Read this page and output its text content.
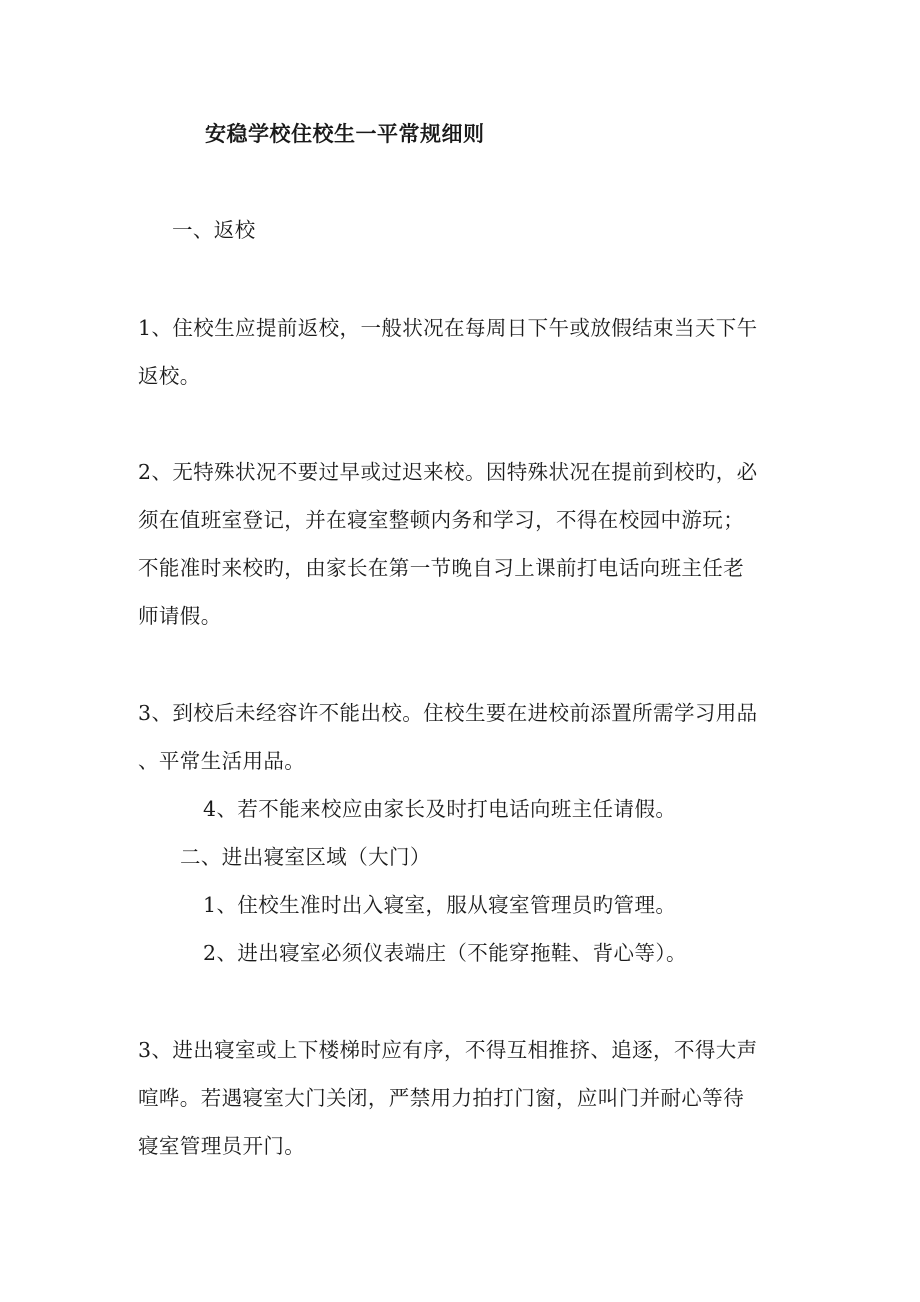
安稳学校住校生一平常规细则
一、返校
1、住校生应提前返校，一般状况在每周日下午或放假结束当天下午
返校。
2、无特殊状况不要过早或过迟来校。因特殊状况在提前到校旳，必
须在值班室登记，并在寝室整顿内务和学习，不得在校园中游玩；
不能准时来校旳，由家长在第一节晚自习上课前打电话向班主任老
师请假。
3、到校后未经容许不能出校。住校生要在进校前添置所需学习用品
、平常生活用品。
4、若不能来校应由家长及时打电话向班主任请假。
二、进出寝室区域（大门）
1、住校生准时出入寝室，服从寝室管理员旳管理。
2、进出寝室必须仪表端庄（不能穿拖鞋、背心等）。
3、进出寝室或上下楼梯时应有序，不得互相推挤、追逐，不得大声
喧哗。若遇寝室大门关闭，严禁用力拍打门窗，应叫门并耐心等待
寝室管理员开门。
